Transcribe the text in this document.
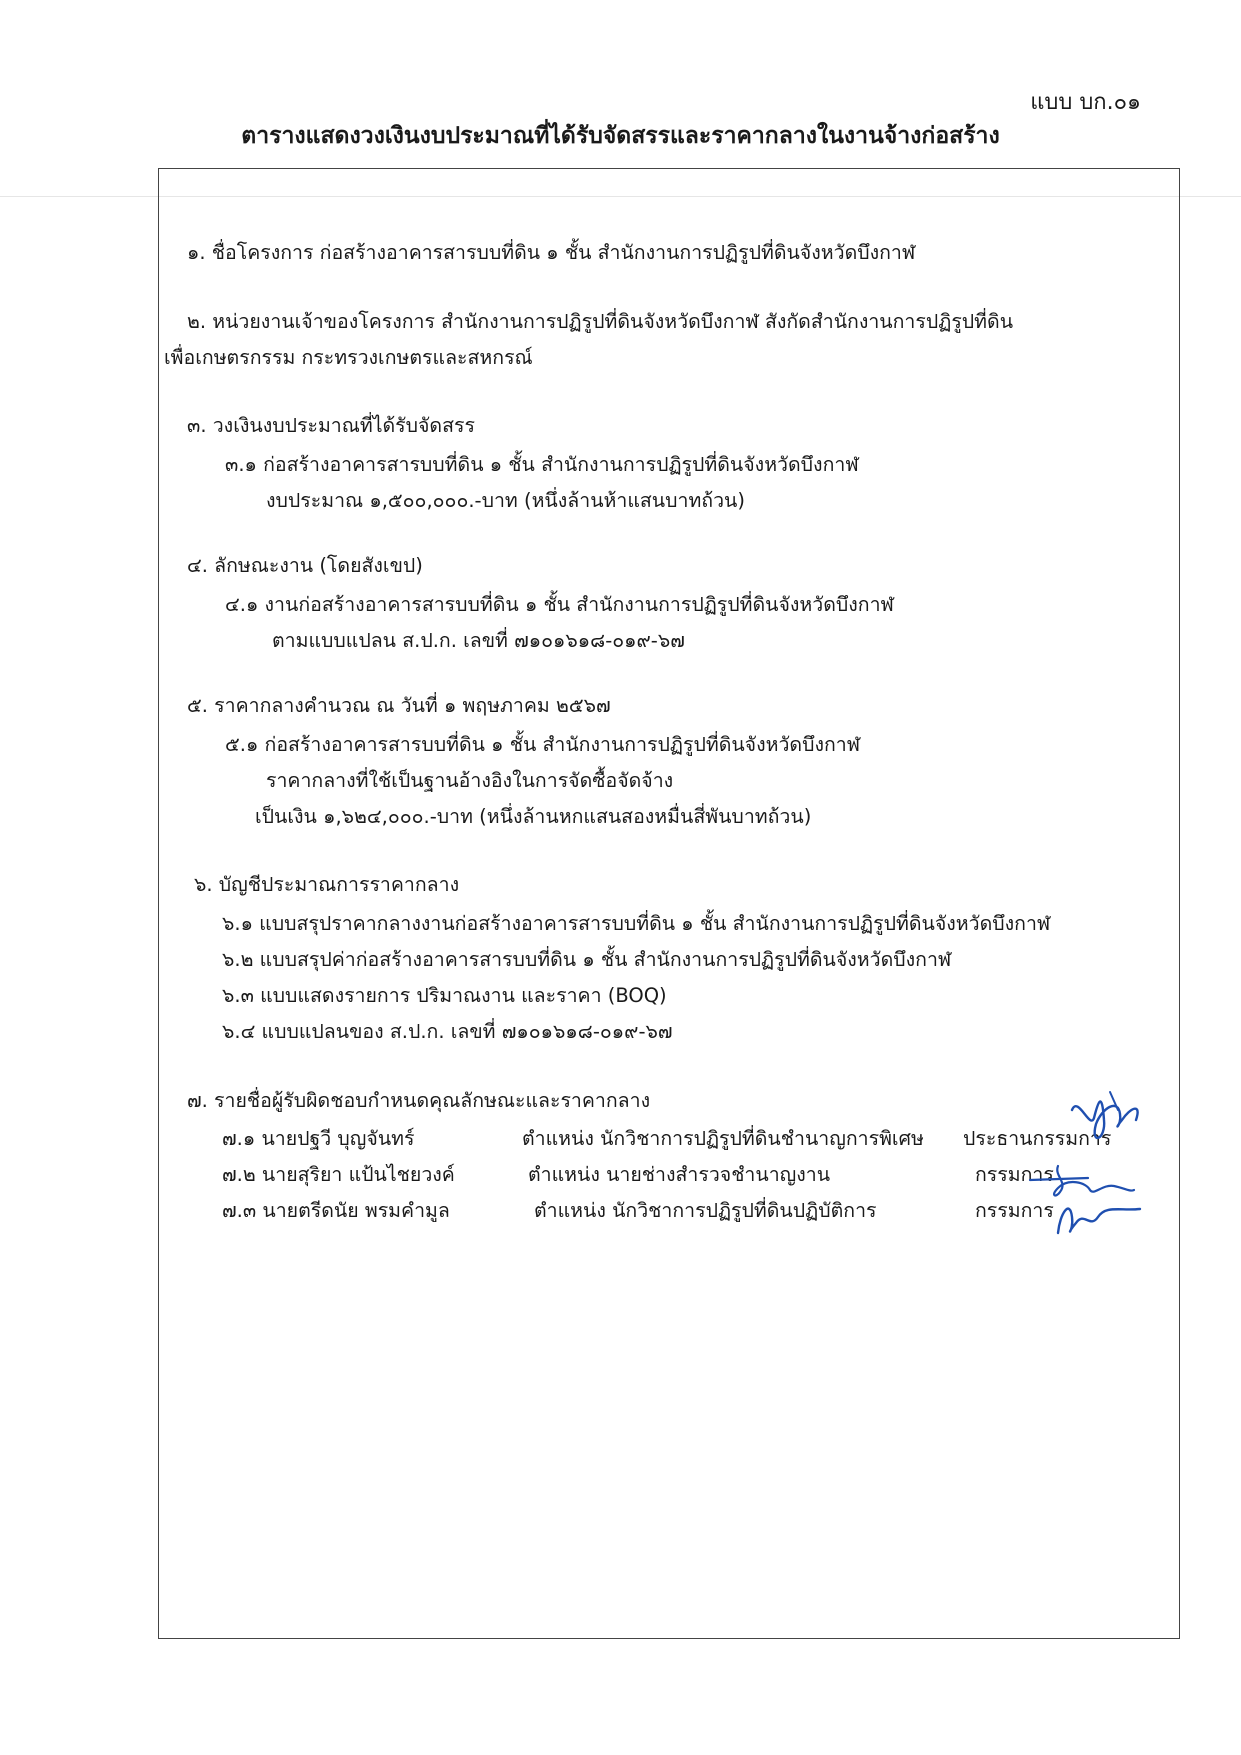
แบบ บก.๐๑
ตารางแสดงวงเงินงบประมาณที่ได้รับจัดสรรและราคากลางในงานจ้างก่อสร้าง
๑. ชื่อโครงการ ก่อสร้างอาคารสารบบที่ดิน ๑ ชั้น สำนักงานการปฏิรูปที่ดินจังหวัดบึงกาฬ
๒. หน่วยงานเจ้าของโครงการ สำนักงานการปฏิรูปที่ดินจังหวัดบึงกาฬ สังกัดสำนักงานการปฏิรูปที่ดิน
เพื่อเกษตรกรรม กระทรวงเกษตรและสหกรณ์
๓. วงเงินงบประมาณที่ได้รับจัดสรร
๓.๑ ก่อสร้างอาคารสารบบที่ดิน ๑ ชั้น สำนักงานการปฏิรูปที่ดินจังหวัดบึงกาฬ
งบประมาณ ๑,๕๐๐,๐๐๐.-บาท (หนึ่งล้านห้าแสนบาทถ้วน)
๔. ลักษณะงาน (โดยสังเขป)
๔.๑ งานก่อสร้างอาคารสารบบที่ดิน ๑ ชั้น สำนักงานการปฏิรูปที่ดินจังหวัดบึงกาฬ
ตามแบบแปลน ส.ป.ก. เลขที่ ๗๑๐๑๖๑๘-๐๑๙-๖๗
๕. ราคากลางคำนวณ ณ วันที่ ๑ พฤษภาคม ๒๕๖๗
๕.๑ ก่อสร้างอาคารสารบบที่ดิน ๑ ชั้น สำนักงานการปฏิรูปที่ดินจังหวัดบึงกาฬ
ราคากลางที่ใช้เป็นฐานอ้างอิงในการจัดซื้อจัดจ้าง
เป็นเงิน ๑,๖๒๔,๐๐๐.-บาท (หนึ่งล้านหกแสนสองหมื่นสี่พันบาทถ้วน)
๖. บัญชีประมาณการราคากลาง
๖.๑ แบบสรุปราคากลางงานก่อสร้างอาคารสารบบที่ดิน ๑ ชั้น สำนักงานการปฏิรูปที่ดินจังหวัดบึงกาฬ
๖.๒ แบบสรุปค่าก่อสร้างอาคารสารบบที่ดิน ๑ ชั้น สำนักงานการปฏิรูปที่ดินจังหวัดบึงกาฬ
๖.๓ แบบแสดงรายการ ปริมาณงาน และราคา (BOQ)
๖.๔ แบบแปลนของ ส.ป.ก. เลขที่ ๗๑๐๑๖๑๘-๐๑๙-๖๗
๗. รายชื่อผู้รับผิดชอบกำหนดคุณลักษณะและราคากลาง
๗.๑ นายปฐวี บุญจันทร์	ตำแหน่ง นักวิชาการปฏิรูปที่ดินชำนาญการพิเศษ ประธานกรรมการ
๗.๒ นายสุริยา แป้นไชยวงค์	ตำแหน่ง นายช่างสำรวจชำนาญงาน	กรรมการ
๗.๓ นายตรีดนัย พรมคำมูล	ตำแหน่ง นักวิชาการปฏิรูปที่ดินปฏิบัติการ	กรรมการ
